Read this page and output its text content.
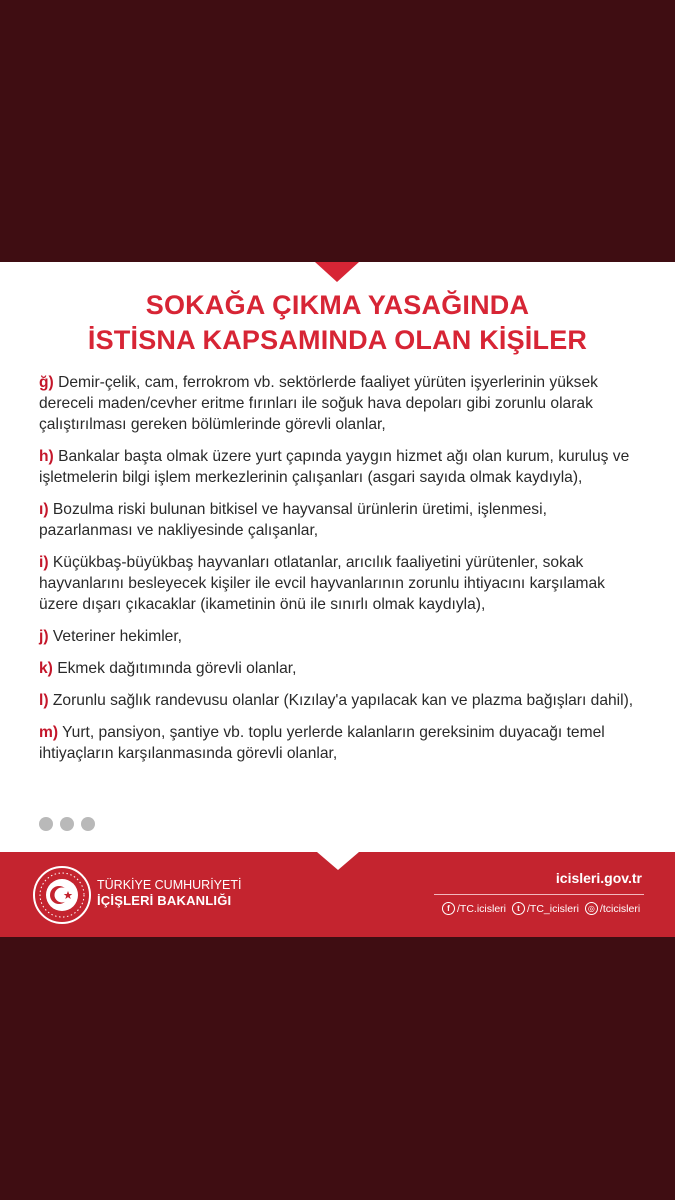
SOKAĞA ÇIKMA YASAĞINDA
İSTİSNA KAPSAMINDA OLAN KİŞİLER
ğ) Demir-çelik, cam, ferrokrom vb. sektörlerde faaliyet yürüten işyerlerinin yüksek dereceli maden/cevher eritme fırınları ile soğuk hava depoları gibi zorunlu olarak çalıştırılması gereken bölümlerinde görevli olanlar,
h) Bankalar başta olmak üzere yurt çapında yaygın hizmet ağı olan kurum, kuruluş ve işletmelerin bilgi işlem merkezlerinin çalışanları (asgari sayıda olmak kaydıyla),
ı) Bozulma riski bulunan bitkisel ve hayvansal ürünlerin üretimi, işlenmesi, pazarlanması ve nakliyesinde çalışanlar,
i) Küçükbaş-büyükbaş hayvanları otlatanlar, arıcılık faaliyetini yürütenler, sokak hayvanlarını besleyecek kişiler ile evcil hayvanlarının zorunlu ihtiyacını karşılamak üzere dışarı çıkacaklar (ikametinin önü ile sınırlı olmak kaydıyla),
j) Veteriner hekimler,
k) Ekmek dağıtımında görevli olanlar,
l) Zorunlu sağlık randevusu olanlar (Kızılay'a yapılacak kan ve plazma bağışları dahil),
m) Yurt, pansiyon, şantiye vb. toplu yerlerde kalanların gereksinim duyacağı temel ihtiyaçların karşılanmasında görevli olanlar,
TÜRKİYE CUMHURİYETİ
İÇİŞLERİ BAKANLIĞI
icisleri.gov.tr
f /TC.icisleri	t /TC_icisleri	◎ /tcicisleri
